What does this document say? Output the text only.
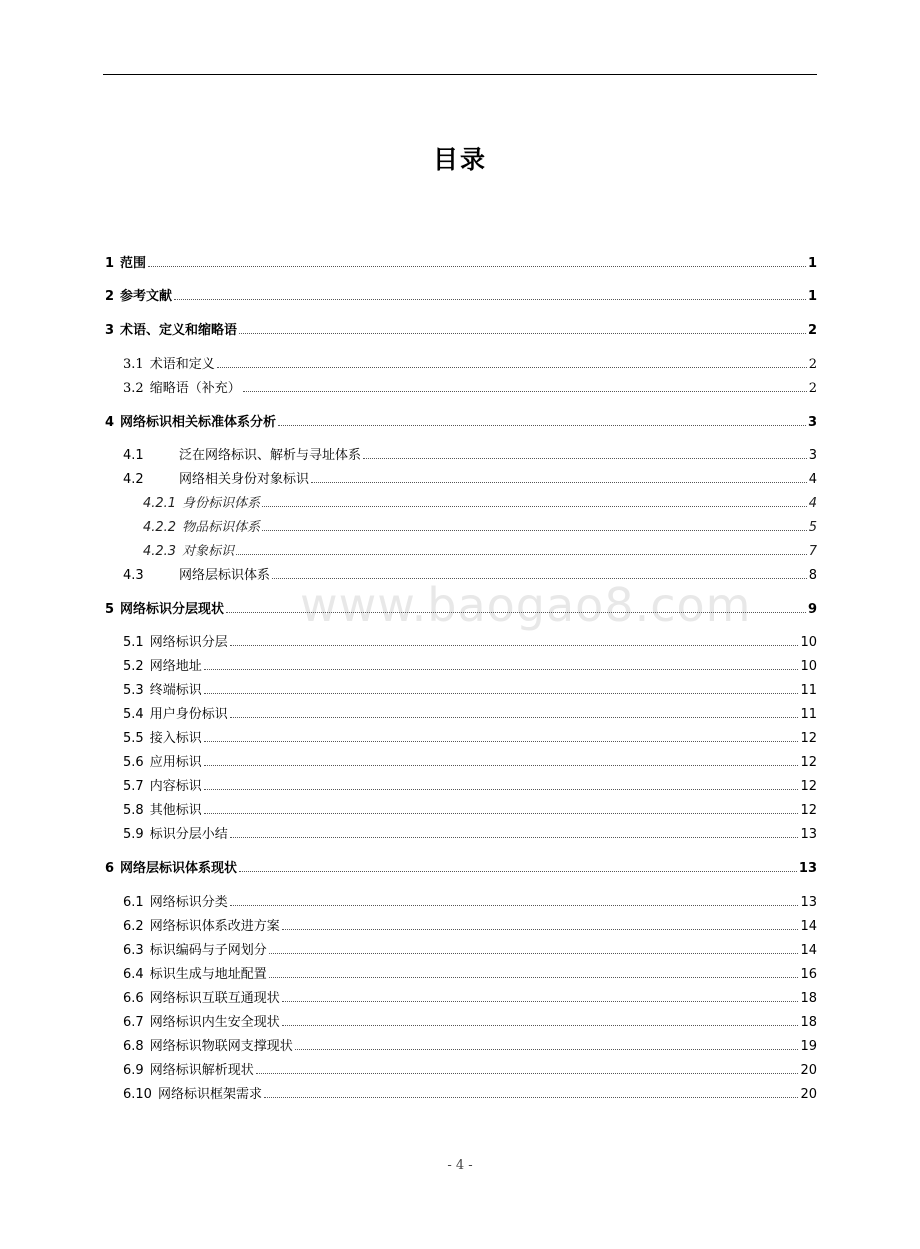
目录
www.baogao8.com
1 范围	1
2 参考文献	1
3 术语、定义和缩略语	2
3.1 术语和定义	2
3.2 缩略语（补充）	2
4 网络标识相关标准体系分析	3
4.1	泛在网络标识、解析与寻址体系	3
4.2	网络相关身份对象标识	4
4.2.1 身份标识体系	4
4.2.2 物品标识体系	5
4.2.3 对象标识	7
4.3	网络层标识体系	8
5 网络标识分层现状	9
5.1 网络标识分层	10
5.2 网络地址	10
5.3 终端标识	11
5.4 用户身份标识	11
5.5 接入标识	12
5.6 应用标识	12
5.7 内容标识	12
5.8 其他标识	12
5.9 标识分层小结	13
6 网络层标识体系现状	13
6.1 网络标识分类	13
6.2 网络标识体系改进方案	14
6.3 标识编码与子网划分	14
6.4 标识生成与地址配置	16
6.6 网络标识互联互通现状	18
6.7 网络标识内生安全现状	18
6.8 网络标识物联网支撑现状	19
6.9 网络标识解析现状	20
6.10 网络标识框架需求	20
- 4 -
